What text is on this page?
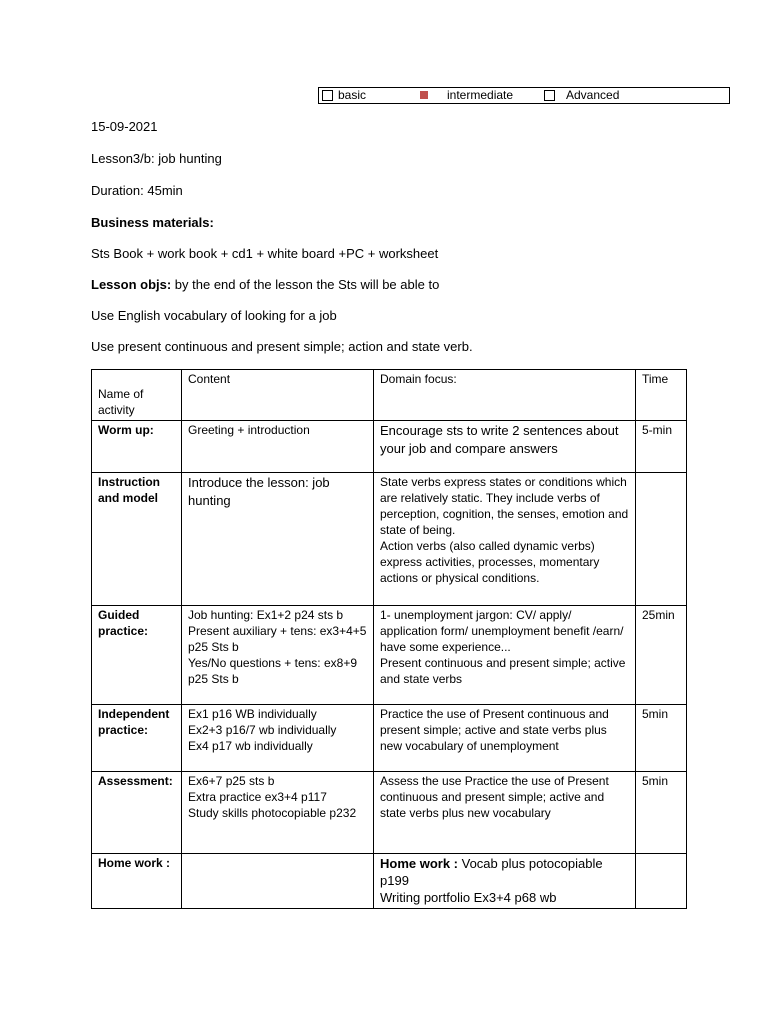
basic	intermediate	Advanced
15-09-2021
Lesson3/b: job hunting
Duration: 45min
Business materials:
Sts Book + work book + cd1 + white board +PC + worksheet
Lesson objs: by the end of the lesson the Sts will be able to
Use English vocabulary of looking for a job
Use present continuous and present simple; action and state verb.
Name of activity	Content	Domain focus:	Time
Worm up:	Greeting + introduction	Encourage sts to write 2 sentences about your job and compare answers	5-min
Instruction and model	Introduce the lesson: job hunting	State verbs express states or conditions which are relatively static. They include verbs of perception, cognition, the senses, emotion and state of being.
Action verbs (also called dynamic verbs) express activities, processes, momentary actions or physical conditions.	
Guided practice:	Job hunting: Ex1+2 p24 sts b
Present auxiliary + tens: ex3+4+5 p25 Sts b
Yes/No questions + tens: ex8+9 p25 Sts b	1- unemployment jargon: CV/ apply/ application form/ unemployment benefit /earn/ have some experience...
Present continuous and present simple; active and state verbs	25min
Independent practice:	Ex1 p16 WB individually
Ex2+3 p16/7 wb individually
Ex4 p17 wb individually	Practice the use of Present continuous and present simple; active and state verbs plus new vocabulary of unemployment	5min
Assessment:	Ex6+7 p25 sts b
Extra practice ex3+4 p117
Study skills photocopiable p232	Assess the use Practice the use of Present continuous and present simple; active and state verbs plus new vocabulary	5min
Home work :		Home work : Vocab plus potocopiable p199
Writing portfolio Ex3+4 p68 wb	
